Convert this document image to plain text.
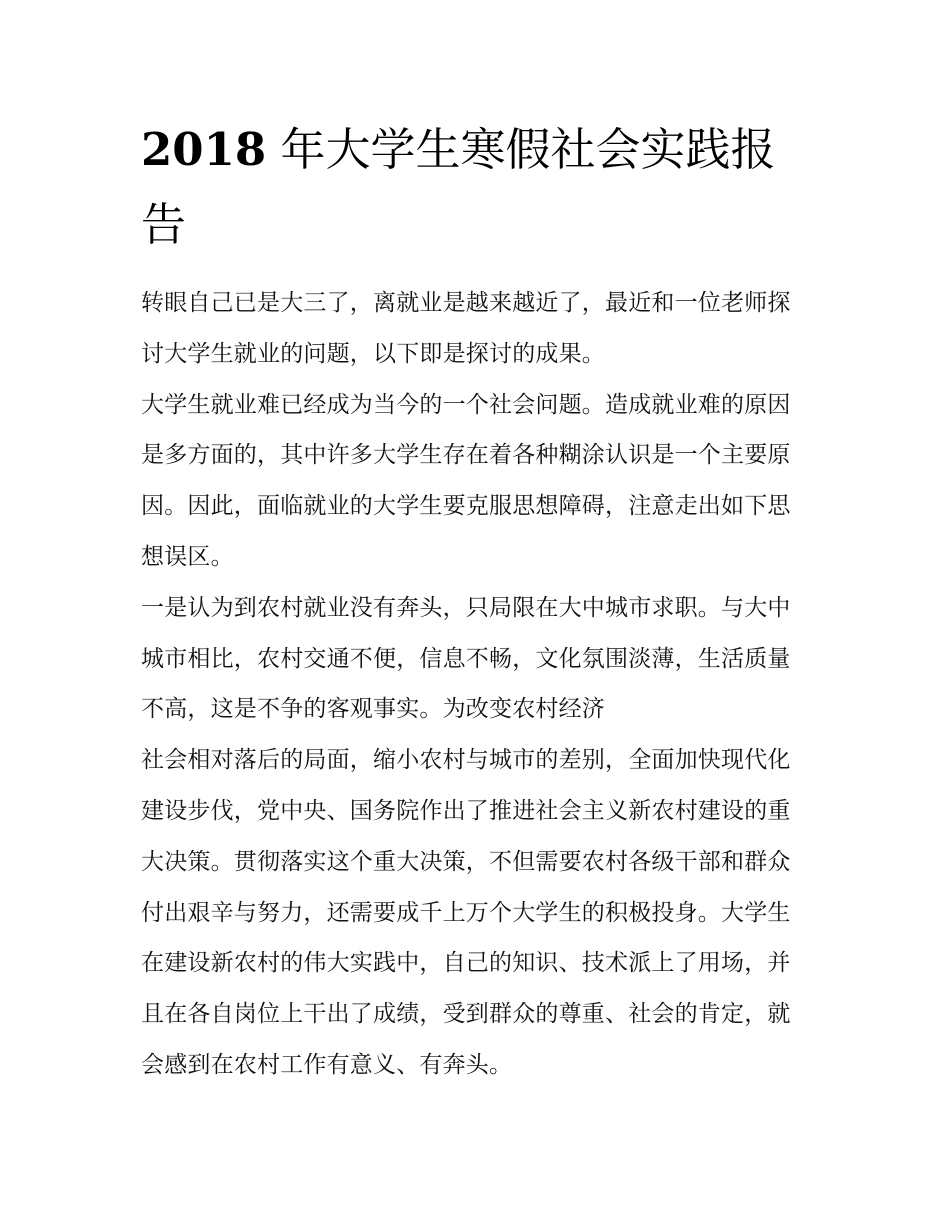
2018 年大学生寒假社会实践报告

转眼自己已是大三了，离就业是越来越近了，最近和一位老师探讨大学生就业的问题，以下即是探讨的成果。

大学生就业难已经成为当今的一个社会问题。造成就业难的原因是多方面的，其中许多大学生存在着各种糊涂认识是一个主要原因。因此，面临就业的大学生要克服思想障碍，注意走出如下思想误区。

一是认为到农村就业没有奔头，只局限在大中城市求职。与大中城市相比，农村交通不便，信息不畅，文化氛围淡薄，生活质量不高，这是不争的客观事实。为改变农村经济

社会相对落后的局面，缩小农村与城市的差别，全面加快现代化建设步伐，党中央、国务院作出了推进社会主义新农村建设的重大决策。贯彻落实这个重大决策，不但需要农村各级干部和群众付出艰辛与努力，还需要成千上万个大学生的积极投身。大学生在建设新农村的伟大实践中，自己的知识、技术派上了用场，并且在各自岗位上干出了成绩，受到群众的尊重、社会的肯定，就会感到在农村工作有意义、有奔头。
